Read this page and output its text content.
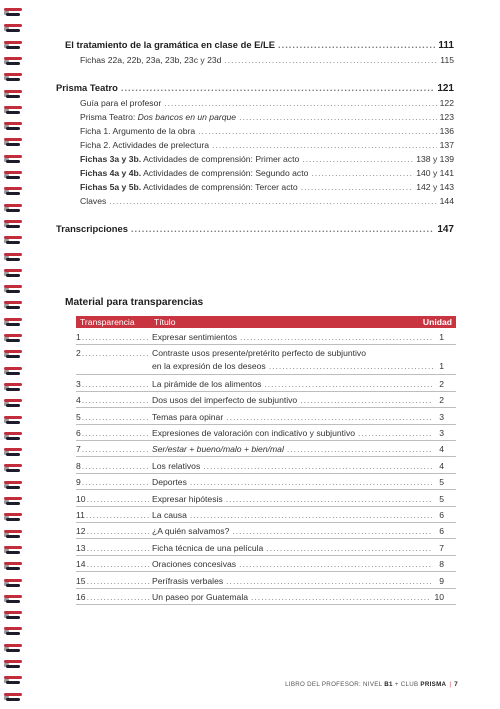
El tratamiento de la gramática en clase de E/LE .....	111
Fichas 22a, 22b, 23a, 23b, 23c y 23d .....	115
Prisma Teatro .....	121
Guía para el profesor .....	122
Prisma Teatro: Dos bancos en un parque .....	123
Ficha 1. Argumento de la obra .....	136
Ficha 2. Actividades de prelectura .....	137
Fichas 3a y 3b. Actividades de comprensión: Primer acto .....	138 y 139
Fichas 4a y 4b. Actividades de comprensión: Segundo acto .....	140 y 141
Fichas 5a y 5b. Actividades de comprensión: Tercer acto .....	142 y 143
Claves .....	144
Transcripciones .....	147
Material para transparencias
Transparencia Título	Unidad
1 .....	Expresar sentimientos .....	1
2 .....	Contraste usos presente/pretérito perfecto de subjuntivo
en la expresión de los deseos .....	1
3 .....	La pirámide de los alimentos .....	2
4 .....	Dos usos del imperfecto de subjuntivo .....	2
5 .....	Temas para opinar .....	3
6 .....	Expresiones de valoración con indicativo y subjuntivo .....	3
7 .....	Ser/estar + bueno/malo + bien/mal .....	4
8 .....	Los relativos .....	4
9 .....	Deportes .....	5
10 .....	Expresar hipótesis .....	5
11 .....	La causa .....	6
12 .....	¿A quién salvamos? .....	6
13 .....	Ficha técnica de una película .....	7
14 .....	Oraciones concesivas .....	8
15 .....	Perífrasis verbales .....	9
16 .....	Un paseo por Guatemala .....	10
LIBRO DEL PROFESOR: NIVEL B1 + CLUB PRISMA | 7
